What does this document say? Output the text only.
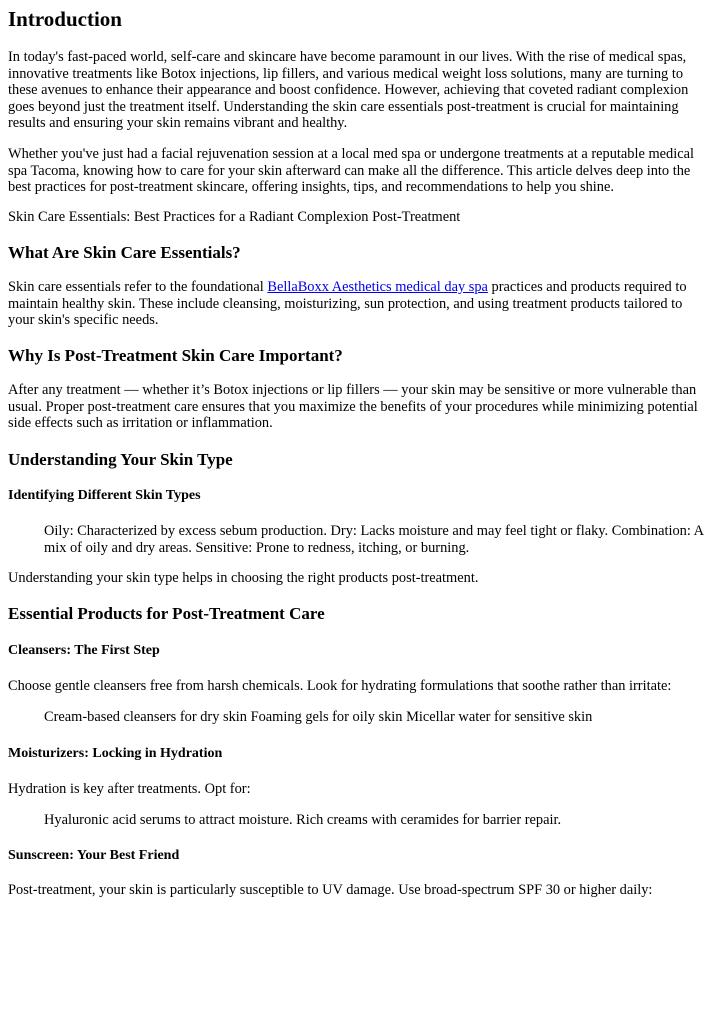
Introduction

In today's fast-paced world, self-care and skincare have become paramount in our lives. With the rise of medical spas, innovative treatments like Botox injections, lip fillers, and various medical weight loss solutions, many are turning to these avenues to enhance their appearance and boost confidence. However, achieving that coveted radiant complexion goes beyond just the treatment itself. Understanding the skin care essentials post-treatment is crucial for maintaining results and ensuring your skin remains vibrant and healthy.

Whether you've just had a facial rejuvenation session at a local med spa or undergone treatments at a reputable medical spa Tacoma, knowing how to care for your skin afterward can make all the difference. This article delves deep into the best practices for post-treatment skincare, offering insights, tips, and recommendations to help you shine.

Skin Care Essentials: Best Practices for a Radiant Complexion Post-Treatment

What Are Skin Care Essentials?

Skin care essentials refer to the foundational BellaBoxx Aesthetics medical day spa practices and products required to maintain healthy skin. These include cleansing, moisturizing, sun protection, and using treatment products tailored to your skin's specific needs.

Why Is Post-Treatment Skin Care Important?

After any treatment — whether it’s Botox injections or lip fillers — your skin may be sensitive or more vulnerable than usual. Proper post-treatment care ensures that you maximize the benefits of your procedures while minimizing potential side effects such as irritation or inflammation.

Understanding Your Skin Type
Identifying Different Skin Types

Oily: Characterized by excess sebum production. Dry: Lacks moisture and may feel tight or flaky. Combination: A mix of oily and dry areas. Sensitive: Prone to redness, itching, or burning.

Understanding your skin type helps in choosing the right products post-treatment.

Essential Products for Post-Treatment Care
Cleansers: The First Step

Choose gentle cleansers free from harsh chemicals. Look for hydrating formulations that soothe rather than irritate:

Cream-based cleansers for dry skin Foaming gels for oily skin Micellar water for sensitive skin

Moisturizers: Locking in Hydration

Hydration is key after treatments. Opt for:

Hyaluronic acid serums to attract moisture. Rich creams with ceramides for barrier repair.

Sunscreen: Your Best Friend

Post-treatment, your skin is particularly susceptible to UV damage. Use broad-spectrum SPF 30 or higher daily:
